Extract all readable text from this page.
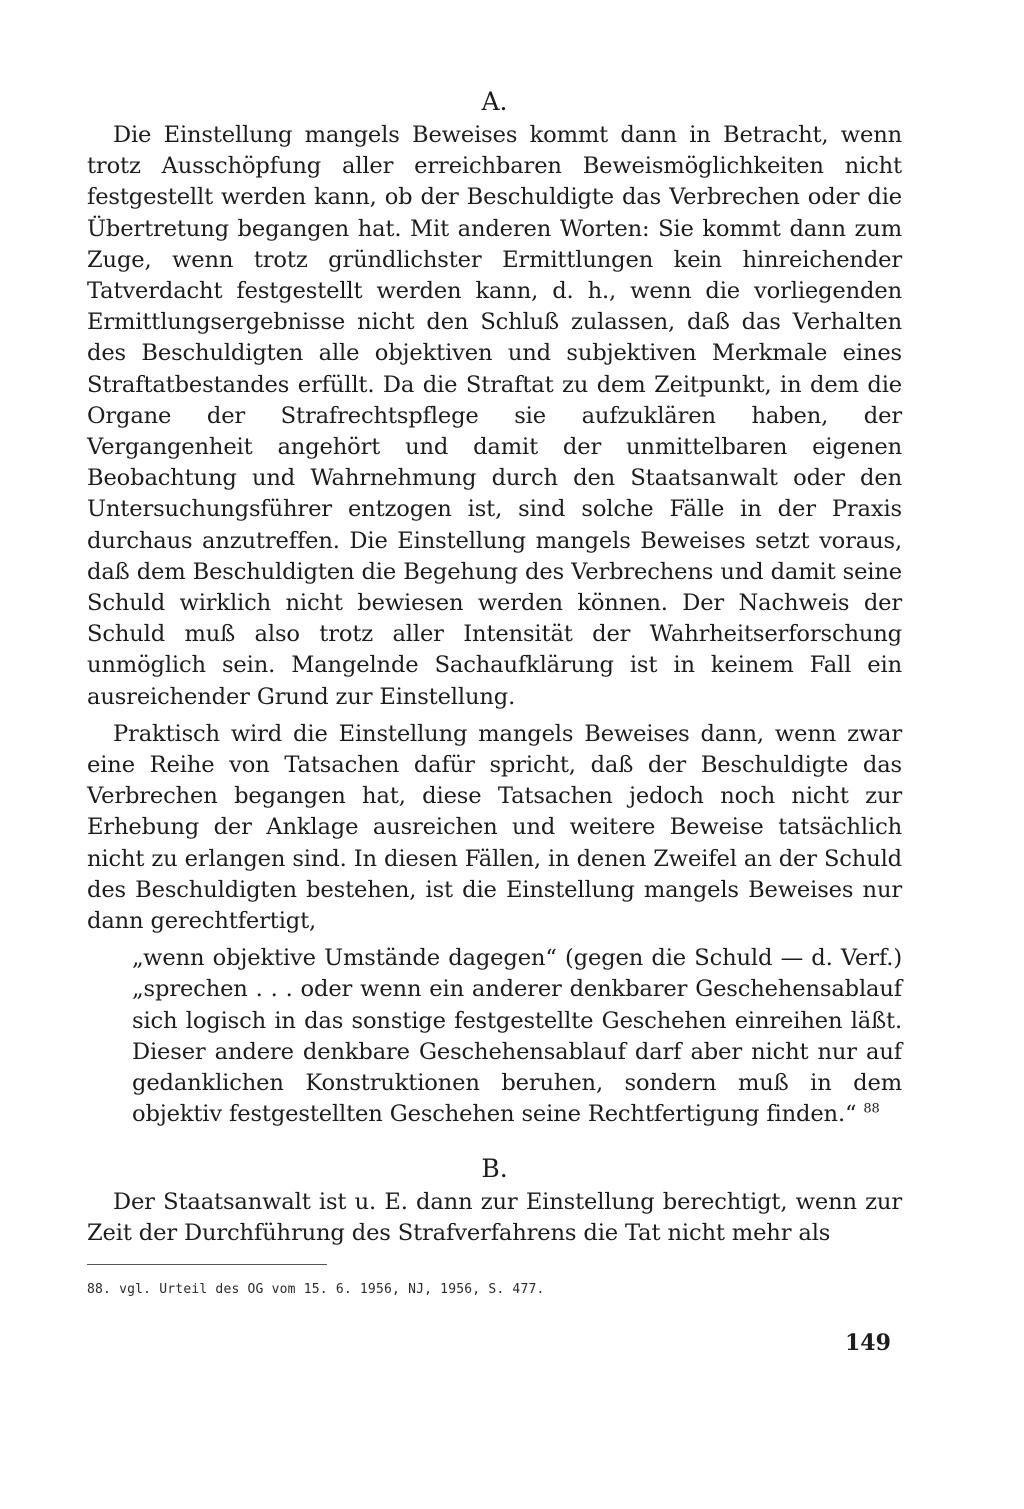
A.

Die Einstellung mangels Beweises kommt dann in Betracht, wenn trotz Ausschöpfung aller erreichbaren Beweismöglichkeiten nicht festgestellt werden kann, ob der Beschuldigte das Verbrechen oder die Übertretung begangen hat. Mit anderen Worten: Sie kommt dann zum Zuge, wenn trotz gründlichster Ermittlungen kein hinreichender Tatverdacht festgestellt werden kann, d. h., wenn die vorliegenden Ermittlungsergebnisse nicht den Schluß zulassen, daß das Verhalten des Beschuldigten alle objektiven und subjektiven Merkmale eines Straftatbestandes erfüllt. Da die Straftat zu dem Zeitpunkt, in dem die Organe der Strafrechtspflege sie aufzuklären haben, der Vergangenheit angehört und damit der unmittelbaren eigenen Beobachtung und Wahrnehmung durch den Staatsanwalt oder den Untersuchungsführer entzogen ist, sind solche Fälle in der Praxis durchaus anzutreffen. Die Einstellung mangels Beweises setzt voraus, daß dem Beschuldigten die Begehung des Verbrechens und damit seine Schuld wirklich nicht bewiesen werden können. Der Nachweis der Schuld muß also trotz aller Intensität der Wahrheitserforschung unmöglich sein. Mangelnde Sachaufklärung ist in keinem Fall ein ausreichender Grund zur Einstellung.

Praktisch wird die Einstellung mangels Beweises dann, wenn zwar eine Reihe von Tatsachen dafür spricht, daß der Beschuldigte das Verbrechen begangen hat, diese Tatsachen jedoch noch nicht zur Erhebung der Anklage ausreichen und weitere Beweise tatsächlich nicht zu erlangen sind. In diesen Fällen, in denen Zweifel an der Schuld des Beschuldigten bestehen, ist die Einstellung mangels Beweises nur dann gerechtfertigt,

„wenn objektive Umstände dagegen“ (gegen die Schuld — d. Verf.) „sprechen . . . oder wenn ein anderer denkbarer Geschehensablauf sich logisch in das sonstige festgestellte Geschehen einreihen läßt. Dieser andere denkbare Geschehensablauf darf aber nicht nur auf gedanklichen Konstruktionen beruhen, sondern muß in dem objektiv festgestellten Geschehen seine Rechtfertigung finden.“ $^{88}$

B.

Der Staatsanwalt ist u. E. dann zur Einstellung berechtigt, wenn zur Zeit der Durchführung des Strafverfahrens die Tat nicht mehr als

88. vgl. Urteil des OG vom 15. 6. 1956, NJ, 1956, S. 477.
149
